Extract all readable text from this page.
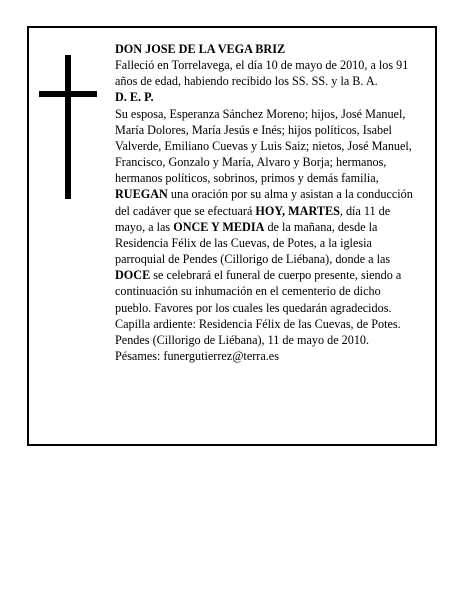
DON JOSE DE LA VEGA BRIZ

Falleció en Torrelavega, el día 10 de mayo de 2010, a los 91 años de edad, habiendo recibido los SS. SS. y la B. A.

D. E. P.

Su esposa, Esperanza Sánchez Moreno; hijos, José Manuel, María Dolores, María Jesús e Inés; hijos políticos, Isabel Valverde, Emiliano Cuevas y Luis Saiz; nietos, José Manuel, Francisco, Gonzalo y María, Alvaro y Borja; hermanos, hermanos políticos, sobrinos, primos y demás familia,

RUEGAN una oración por su alma y asistan a la conducción del cadáver que se efectuará HOY, MARTES, día 11 de mayo, a las ONCE Y MEDIA de la mañana, desde la Residencia Félix de las Cuevas, de Potes, a la iglesia parroquial de Pendes (Cillorigo de Liébana), donde a las DOCE se celebrará el funeral de cuerpo presente, siendo a continuación su inhumación en el cementerio de dicho pueblo. Favores por los cuales les quedarán agradecidos. Capilla ardiente: Residencia Félix de las Cuevas, de Potes.

Pendes (Cillorigo de Liébana), 11 de mayo de 2010.

Pésames: funergutierrez@terra.es
